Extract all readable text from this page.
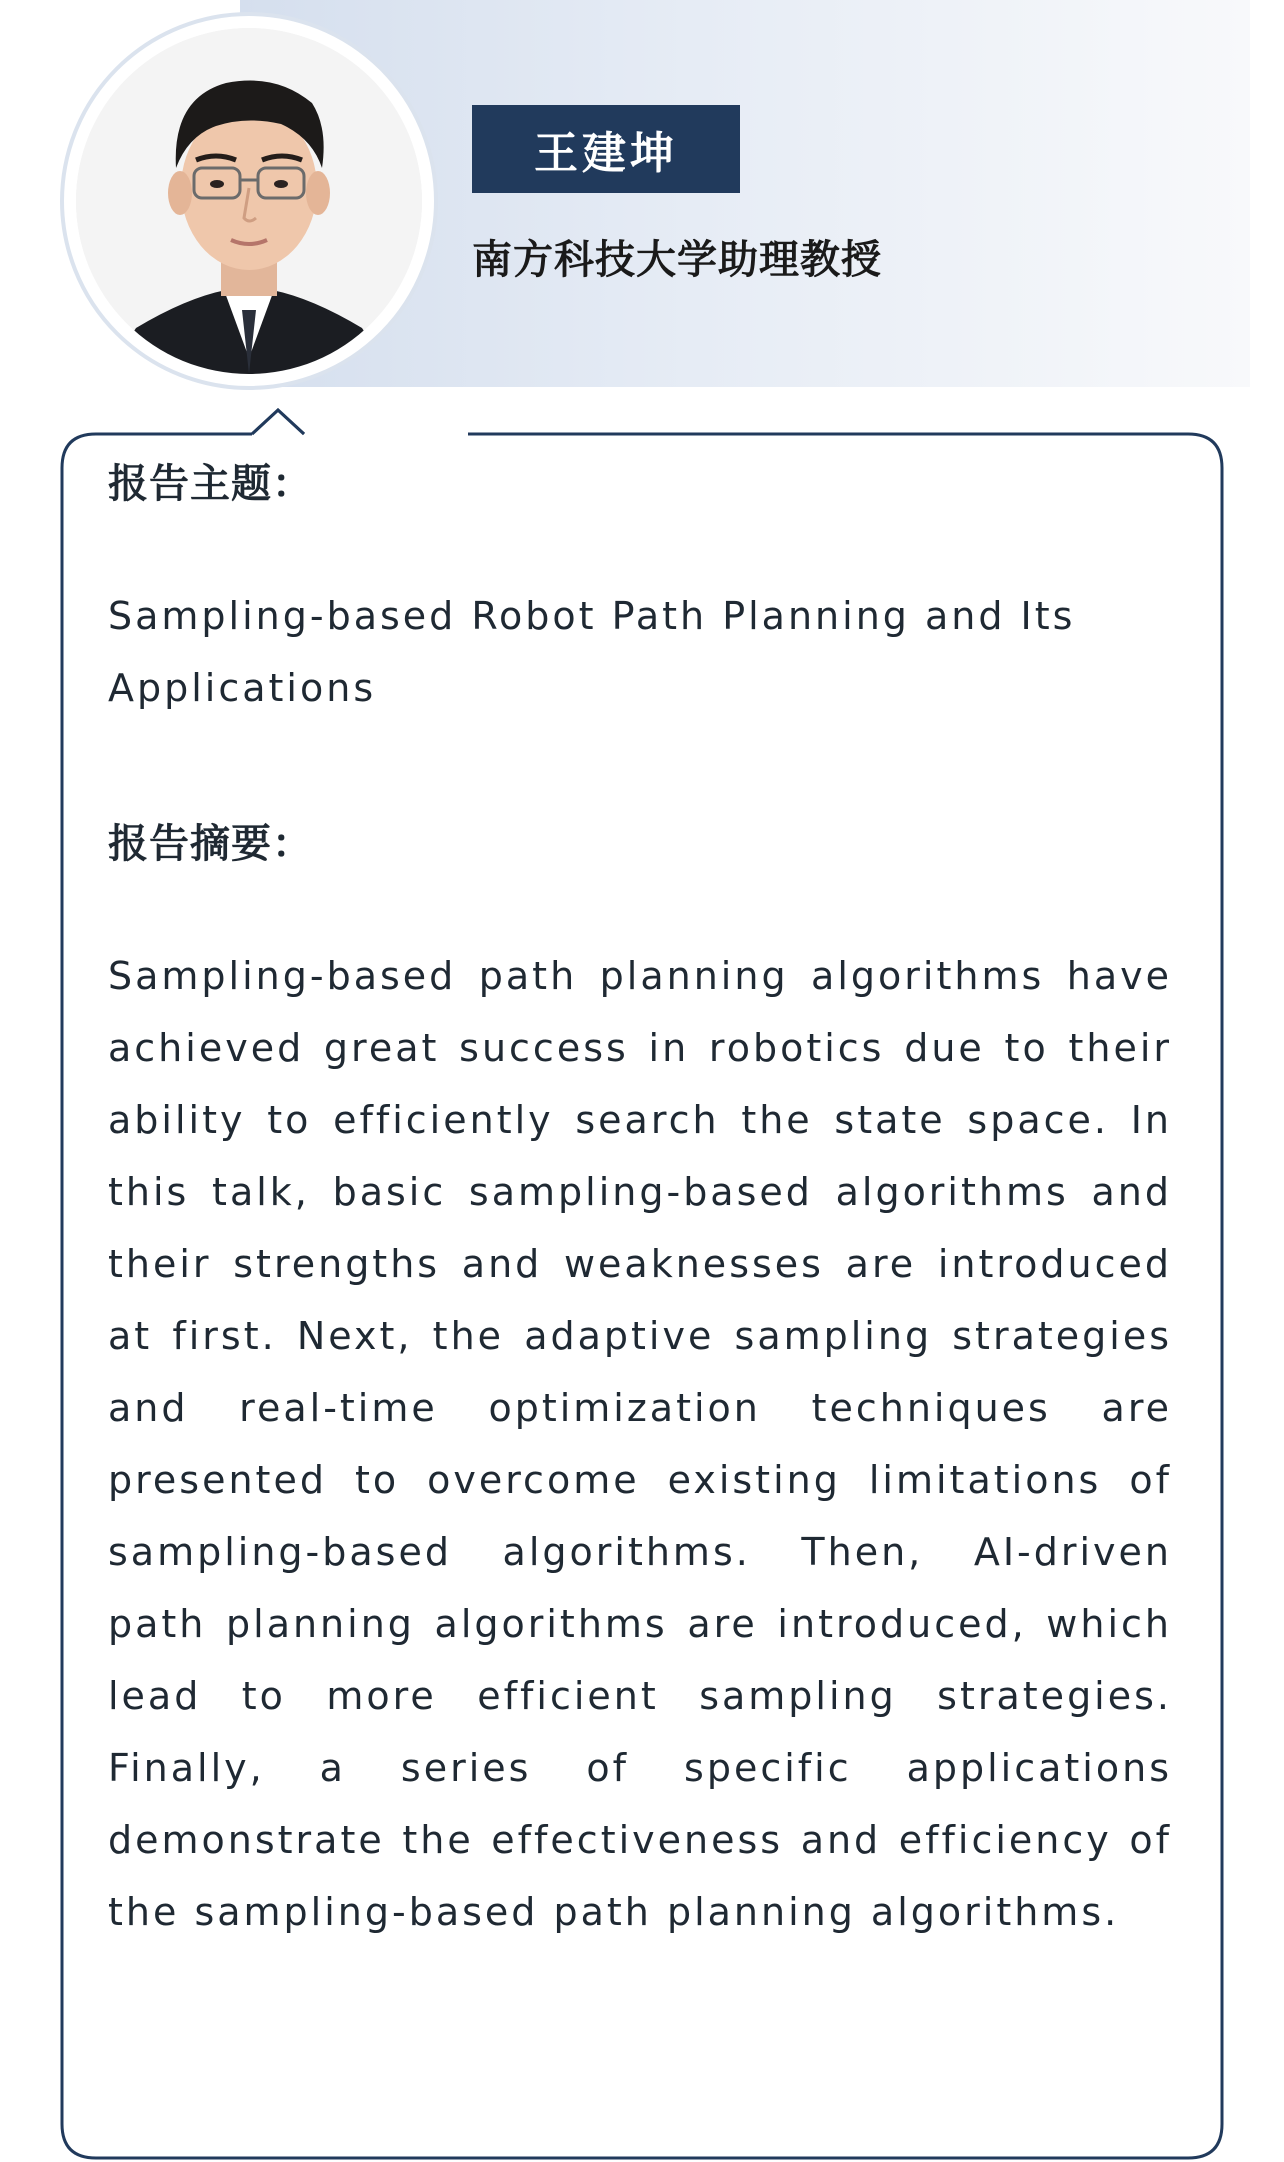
王建坤
南方科技大学助理教授

报告主题：

Sampling-based Robot Path Planning and Its Applications

报告摘要：

Sampling-based path planning algorithms have achieved great success in robotics due to their ability to efficiently search the state space. In this talk, basic sampling-based algorithms and their strengths and weaknesses are introduced at first. Next, the adaptive sampling strategies and real-time optimization techniques are presented to overcome existing limitations of sampling-based algorithms. Then, AI-driven path planning algorithms are introduced, which lead to more efficient sampling strategies. Finally, a series of specific applications demonstrate the effectiveness and efficiency of the sampling-based path planning algorithms.
